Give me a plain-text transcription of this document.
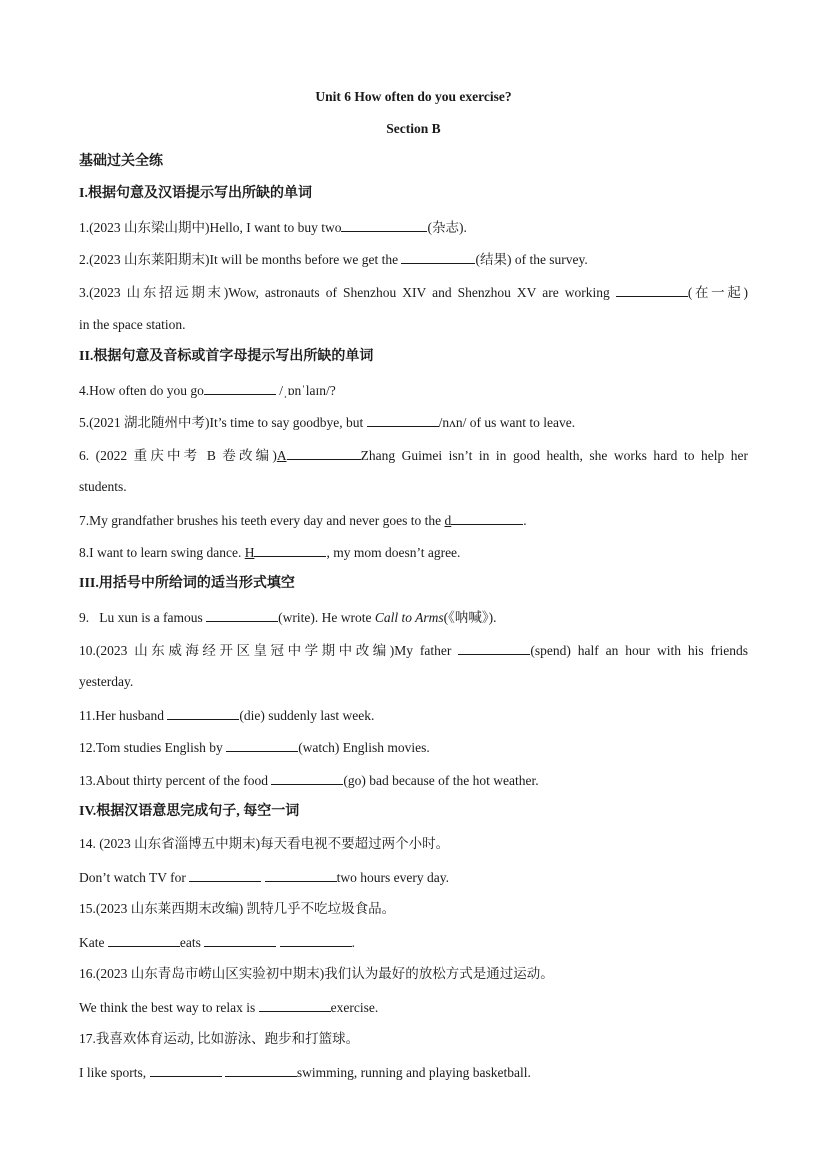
Unit 6 How often do you exercise?
Section B
基础过关全练
I.根据句意及汉语提示写出所缺的单词
1.(2023 山东梁山期中)Hello, I want to buy two	(杂志).
2.(2023 山东莱阳期末)It will be months before we get the	(结果) of the survey.
3.(2023 山东招远期末)Wow, astronauts of Shenzhou XIV and Shenzhou XV are working	(在一起)
in the space station.
II.根据句意及音标或首字母提示写出所缺的单词
4.How often do you go	/ˌɒnˈlaɪn/?
5.(2021 湖北随州中考)It’s time to say goodbye, but	/nʌn/ of us want to leave.
6. (2022 重庆中考 B 卷改编)A	Zhang Guimei isn’t in in good health, she works hard to help her
students.
7.My grandfather brushes his teeth every day and never goes to the d	.
8.I want to learn swing dance. H	, my mom doesn’t agree.
III.用括号中所给词的适当形式填空
9.   Lu xun is a famous	(write). He wrote Call to Arms(《呐喊》).
10.(2023 山东威海经开区皇冠中学期中改编)My father	(spend) half an hour with his friends
yesterday.
11.Her husband	(die) suddenly last week.
12.Tom studies English by	(watch) English movies.
13.About thirty percent of the food	(go) bad because of the hot weather.
IV.根据汉语意思完成句子, 每空一词
14. (2023 山东省淄博五中期末)每天看电视不要超过两个小时。
Don’t watch TV for	two hours every day.
15.(2023 山东莱西期末改编) 凯特几乎不吃垃圾食品。
Kate	eats	.
16.(2023 山东青岛市崂山区实验初中期末)我们认为最好的放松方式是通过运动。
We think the best way to relax is	exercise.
17.我喜欢体育运动, 比如游泳、跑步和打篮球。
I like sports,	swimming, running and playing basketball.
